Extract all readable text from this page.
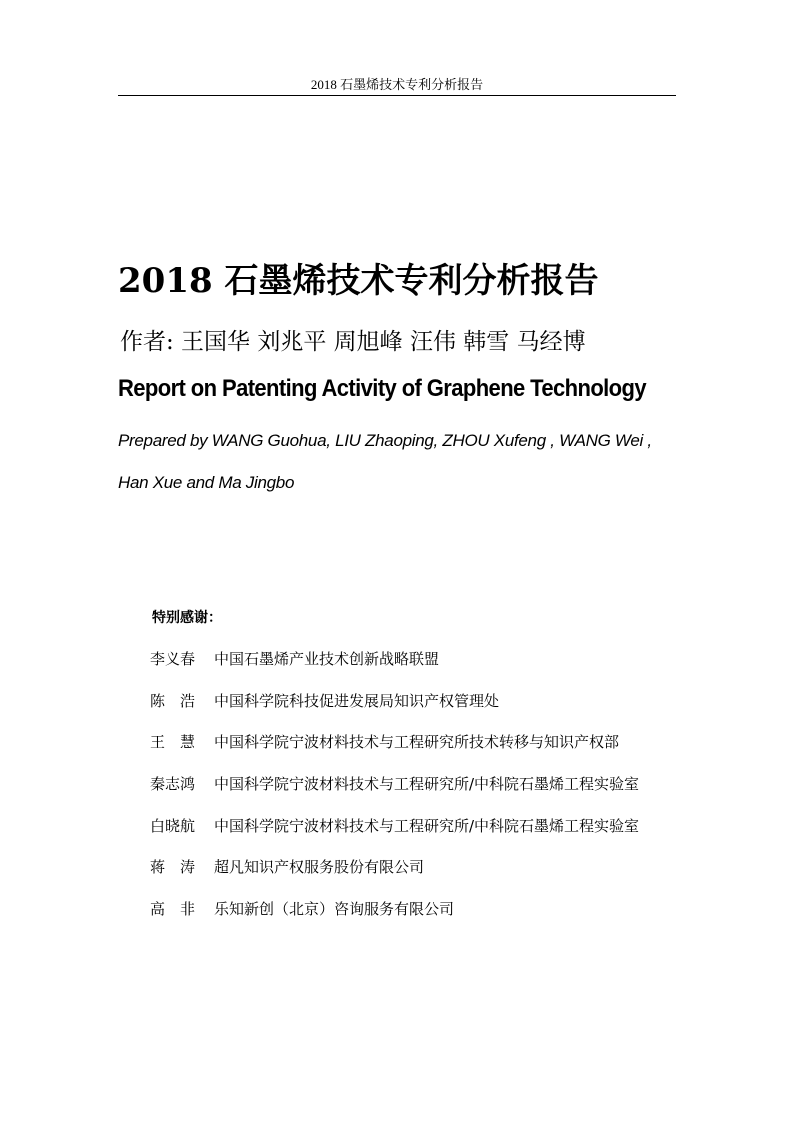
2018 石墨烯技术专利分析报告
2018 石墨烯技术专利分析报告
作者: 王国华 刘兆平 周旭峰 汪伟 韩雪 马经博
Report on Patenting Activity of Graphene Technology
Prepared by WANG Guohua, LIU Zhaoping, ZHOU Xufeng , WANG Wei ,
Han Xue and Ma Jingbo
特别感谢：
李义春	中国石墨烯产业技术创新战略联盟
陈　浩	中国科学院科技促进发展局知识产权管理处
王　慧	中国科学院宁波材料技术与工程研究所技术转移与知识产权部
秦志鸿	中国科学院宁波材料技术与工程研究所/中科院石墨烯工程实验室
白晓航	中国科学院宁波材料技术与工程研究所/中科院石墨烯工程实验室
蒋　涛	超凡知识产权服务股份有限公司
高　非	乐知新创（北京）咨询服务有限公司
